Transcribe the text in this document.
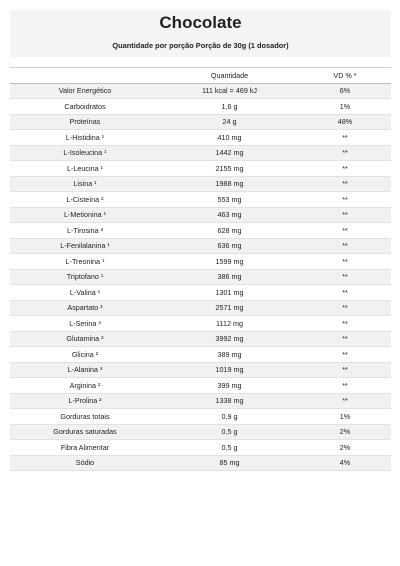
Chocolate
Quantidade por porção Porção de 30g (1 dosador)
	Quantidade	VD % *
Valor Energético	111 kcal = 469 kJ	6%
Carboidratos	1,6 g	1%
Proteínas	24 g	48%
L-Histidina ¹	410 mg	**
L-Isoleucina ¹	1442 mg	**
L-Leucina ¹	2155 mg	**
Lisina ¹	1988 mg	**
L-Cisteína ²	553 mg	**
L-Metionina ¹	463 mg	**
L-Tirosina ³	628 mg	**
L-Fenilalanina ¹	636 mg	**
L-Treonina ¹	1599 mg	**
Triptofano ¹	386 mg	**
L-Valina ¹	1301 mg	**
Aspartato ³	2571 mg	**
L-Serina ³	1112 mg	**
Glutamina ²	3992 mg	**
Glicina ²	389 mg	**
L-Alanina ³	1019 mg	**
Arginina ²	399 mg	**
L-Prolina ²	1338 mg	**
Gorduras totais	0,9 g	1%
Gorduras saturadas	0,5 g	2%
Fibra Alimentar	0,5 g	2%
Sódio	85 mg	4%
